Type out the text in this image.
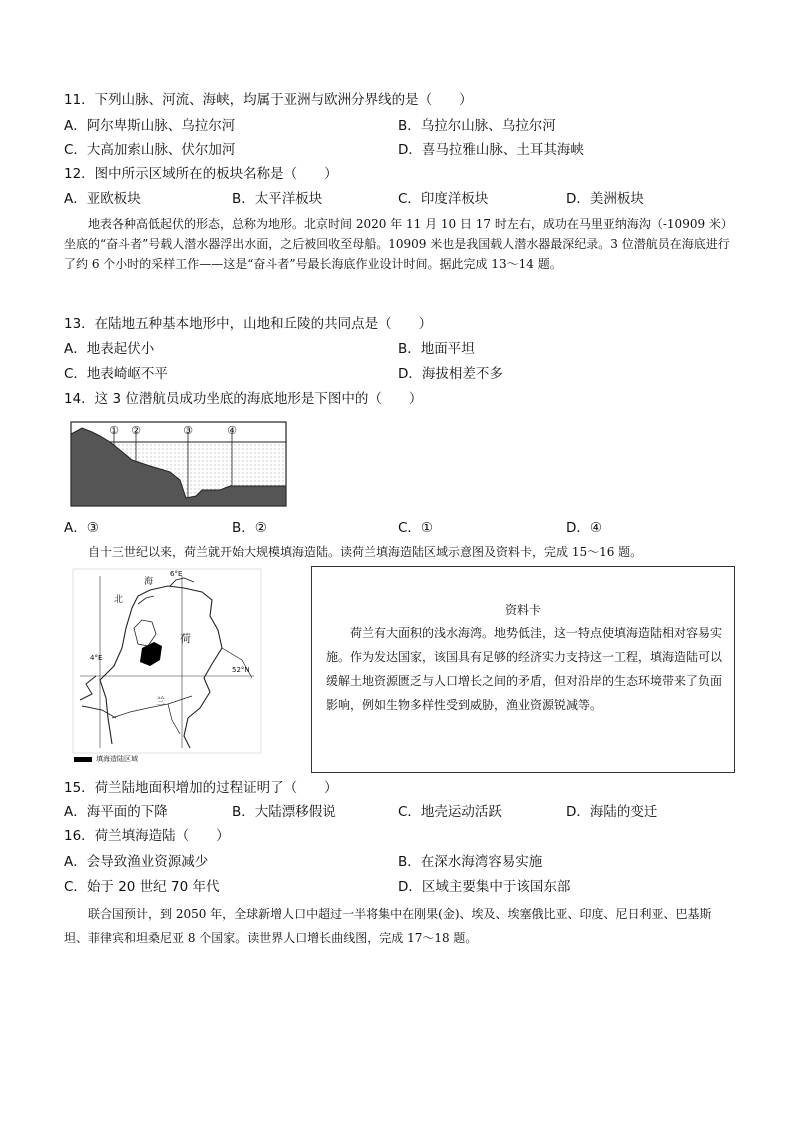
11．下列山脉、河流、海峡，均属于亚洲与欧洲分界线的是（　　）
A．阿尔卑斯山脉、乌拉尔河	B．乌拉尔山脉、乌拉尔河
C．大高加索山脉、伏尔加河	D．喜马拉雅山脉、土耳其海峡
12．图中所示区域所在的板块名称是（　　）
A．亚欧板块	B．太平洋板块	C．印度洋板块	D．美洲板块
地表各种高低起伏的形态，总称为地形。北京时间 2020 年 11 月 10 日 17 时左右，成功在马里亚纳海沟（-10909 米）坐底的“奋斗者”号载人潜水器浮出水面，之后被回收至母船。10909 米也是我国载人潜水器最深纪录。3 位潜航员在海底进行了约 6 个小时的采样工作——这是“奋斗者”号最长海底作业设计时间。据此完成 13～14 题。
13．在陆地五种基本地形中，山地和丘陵的共同点是（　　）
A．地表起伏小	B．地面平坦
C．地表崎岖不平	D．海拔相差不多
14．这 3 位潜航员成功坐底的海底地形是下图中的（　　）
① ②	③	④
A．③	B．②	C．①	D．④
自十三世纪以来，荷兰就开始大规模填海造陆。读荷兰填海造陆区域示意图及资料卡，完成 15～16 题。
北
海
荷
兰
6°E
4°E
52°N
填海造陆区域
资料卡
荷兰有大面积的浅水海湾。地势低洼，这一特点使填海造陆相对容易实施。作为发达国家，该国具有足够的经济实力支持这一工程，填海造陆可以缓解土地资源匮乏与人口增长之间的矛盾，但对沿岸的生态环境带来了负面影响，例如生物多样性受到威胁，渔业资源锐减等。
15．荷兰陆地面积增加的过程证明了（　　）
A．海平面的下降	B．大陆漂移假说	C．地壳运动活跃	D．海陆的变迁
16．荷兰填海造陆（　　）
A．会导致渔业资源减少	B．在深水海湾容易实施
C．始于 20 世纪 70 年代	D．区域主要集中于该国东部
联合国预计，到 2050 年，全球新增人口中超过一半将集中在刚果(金)、埃及、埃塞俄比亚、印度、尼日利亚、巴基斯坦、菲律宾和坦桑尼亚 8 个国家。读世界人口增长曲线图，完成 17～18 题。
